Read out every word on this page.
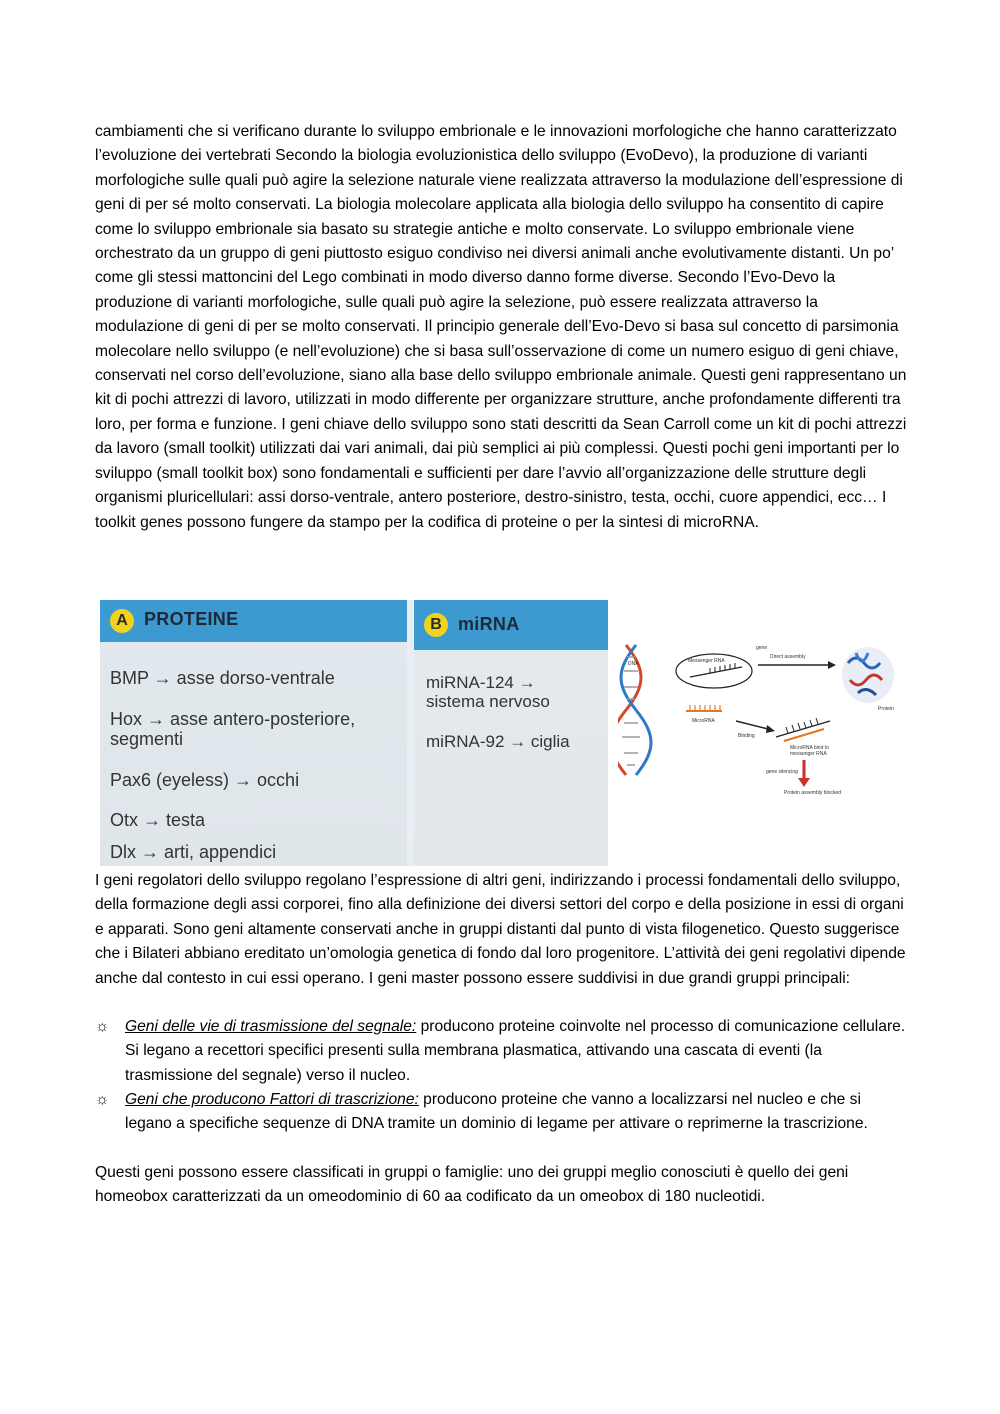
cambiamenti che si verificano durante lo sviluppo embrionale e le innovazioni morfologiche che hanno caratterizzato l’evoluzione dei vertebrati Secondo la biologia evoluzionistica dello sviluppo (EvoDevo), la produzione di varianti morfologiche sulle quali può agire la selezione naturale viene realizzata attraverso la modulazione dell’espressione di geni di per sé molto conservati. La biologia molecolare applicata alla biologia dello sviluppo ha consentito di capire come lo sviluppo embrionale sia basato su strategie antiche e molto conservate. Lo sviluppo embrionale viene orchestrato da un gruppo di geni piuttosto esiguo condiviso nei diversi animali anche evolutivamente distanti. Un po’ come gli stessi mattoncini del Lego combinati in modo diverso danno forme diverse. Secondo l’Evo-Devo la produzione di varianti morfologiche, sulle quali può agire la selezione, può essere realizzata attraverso la modulazione di geni di per se molto conservati. Il principio generale dell’Evo-Devo si basa sul concetto di parsimonia molecolare nello sviluppo (e nell’evoluzione) che si basa sull’osservazione di come un numero esiguo di geni chiave, conservati nel corso dell’evoluzione, siano alla base dello sviluppo embrionale animale. Questi geni rappresentano un kit di pochi attrezzi di lavoro, utilizzati in modo differente per organizzare strutture, anche profondamente differenti tra loro, per forma e funzione. I geni chiave dello sviluppo sono stati descritti da Sean Carroll come un kit di pochi attrezzi da lavoro (small toolkit) utilizzati dai vari animali, dai più semplici ai più complessi. Questi pochi geni importanti per lo sviluppo (small toolkit box) sono fondamentali e sufficienti per dare l’avvio all’organizzazione delle strutture degli organismi pluricellulari: assi dorso-ventrale, antero posteriore, destro-sinistro, testa, occhi, cuore appendici, ecc… I toolkit genes possono fungere da stampo per la codifica di proteine o per la sintesi di microRNA.

A PROTEINE
BMP → asse dorso-ventrale
Hox → asse antero-posteriore,
segmenti
Pax6 (eyeless) → occhi
Otx → testa
Dlx → arti, appendici
B miRNA
miRNA-124 →
sistema nervoso
miRNA-92 → ciglia
DNA	Messenger RNA
gene
Direct assembly
Protein
MicroRNA
Binding
MicroRNA bind to
messenger RNA
gene silencing
Protein assembly blocked

I geni regolatori dello sviluppo regolano l’espressione di altri geni, indirizzando i processi fondamentali dello sviluppo, della formazione degli assi corporei, fino alla definizione dei diversi settori del corpo e della posizione in essi di organi e apparati. Sono geni altamente conservati anche in gruppi distanti dal punto di vista filogenetico. Questo suggerisce che i Bilateri abbiano ereditato un’omologia genetica di fondo dal loro progenitore. L’attività dei geni regolativi dipende anche dal contesto in cui essi operano. I geni master possono essere suddivisi in due grandi gruppi principali:

☼	Geni delle vie di trasmissione del segnale: producono proteine coinvolte nel processo di comunicazione cellulare. Si legano a recettori specifici presenti sulla membrana plasmatica, attivando una cascata di eventi (la trasmissione del segnale) verso il nucleo.
☼	Geni che producono Fattori di trascrizione: producono proteine che vanno a localizzarsi nel nucleo e che si legano a specifiche sequenze di DNA tramite un dominio di legame per attivare o reprimerne la trascrizione.

Questi geni possono essere classificati in gruppi o famiglie: uno dei gruppi meglio conosciuti è quello dei geni homeobox caratterizzati da un omeodominio di 60 aa codificato da un omeobox di 180 nucleotidi.
